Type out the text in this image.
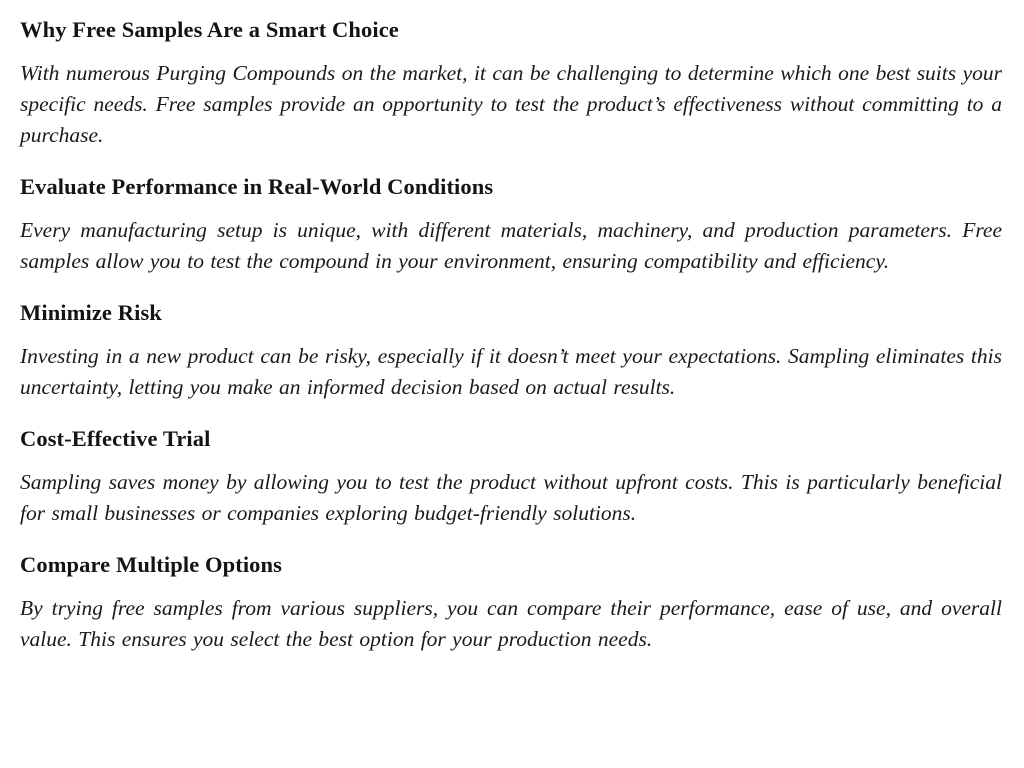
Why Free Samples Are a Smart Choice

With numerous Purging Compounds on the market, it can be challenging to determine which one best suits your specific needs. Free samples provide an opportunity to test the product’s effectiveness without committing to a purchase.

Evaluate Performance in Real-World Conditions

Every manufacturing setup is unique, with different materials, machinery, and production parameters. Free samples allow you to test the compound in your environment, ensuring compatibility and efficiency.

Minimize Risk

Investing in a new product can be risky, especially if it doesn’t meet your expectations. Sampling eliminates this uncertainty, letting you make an informed decision based on actual results.

Cost-Effective Trial

Sampling saves money by allowing you to test the product without upfront costs. This is particularly beneficial for small businesses or companies exploring budget-friendly solutions.

Compare Multiple Options

By trying free samples from various suppliers, you can compare their performance, ease of use, and overall value. This ensures you select the best option for your production needs.
